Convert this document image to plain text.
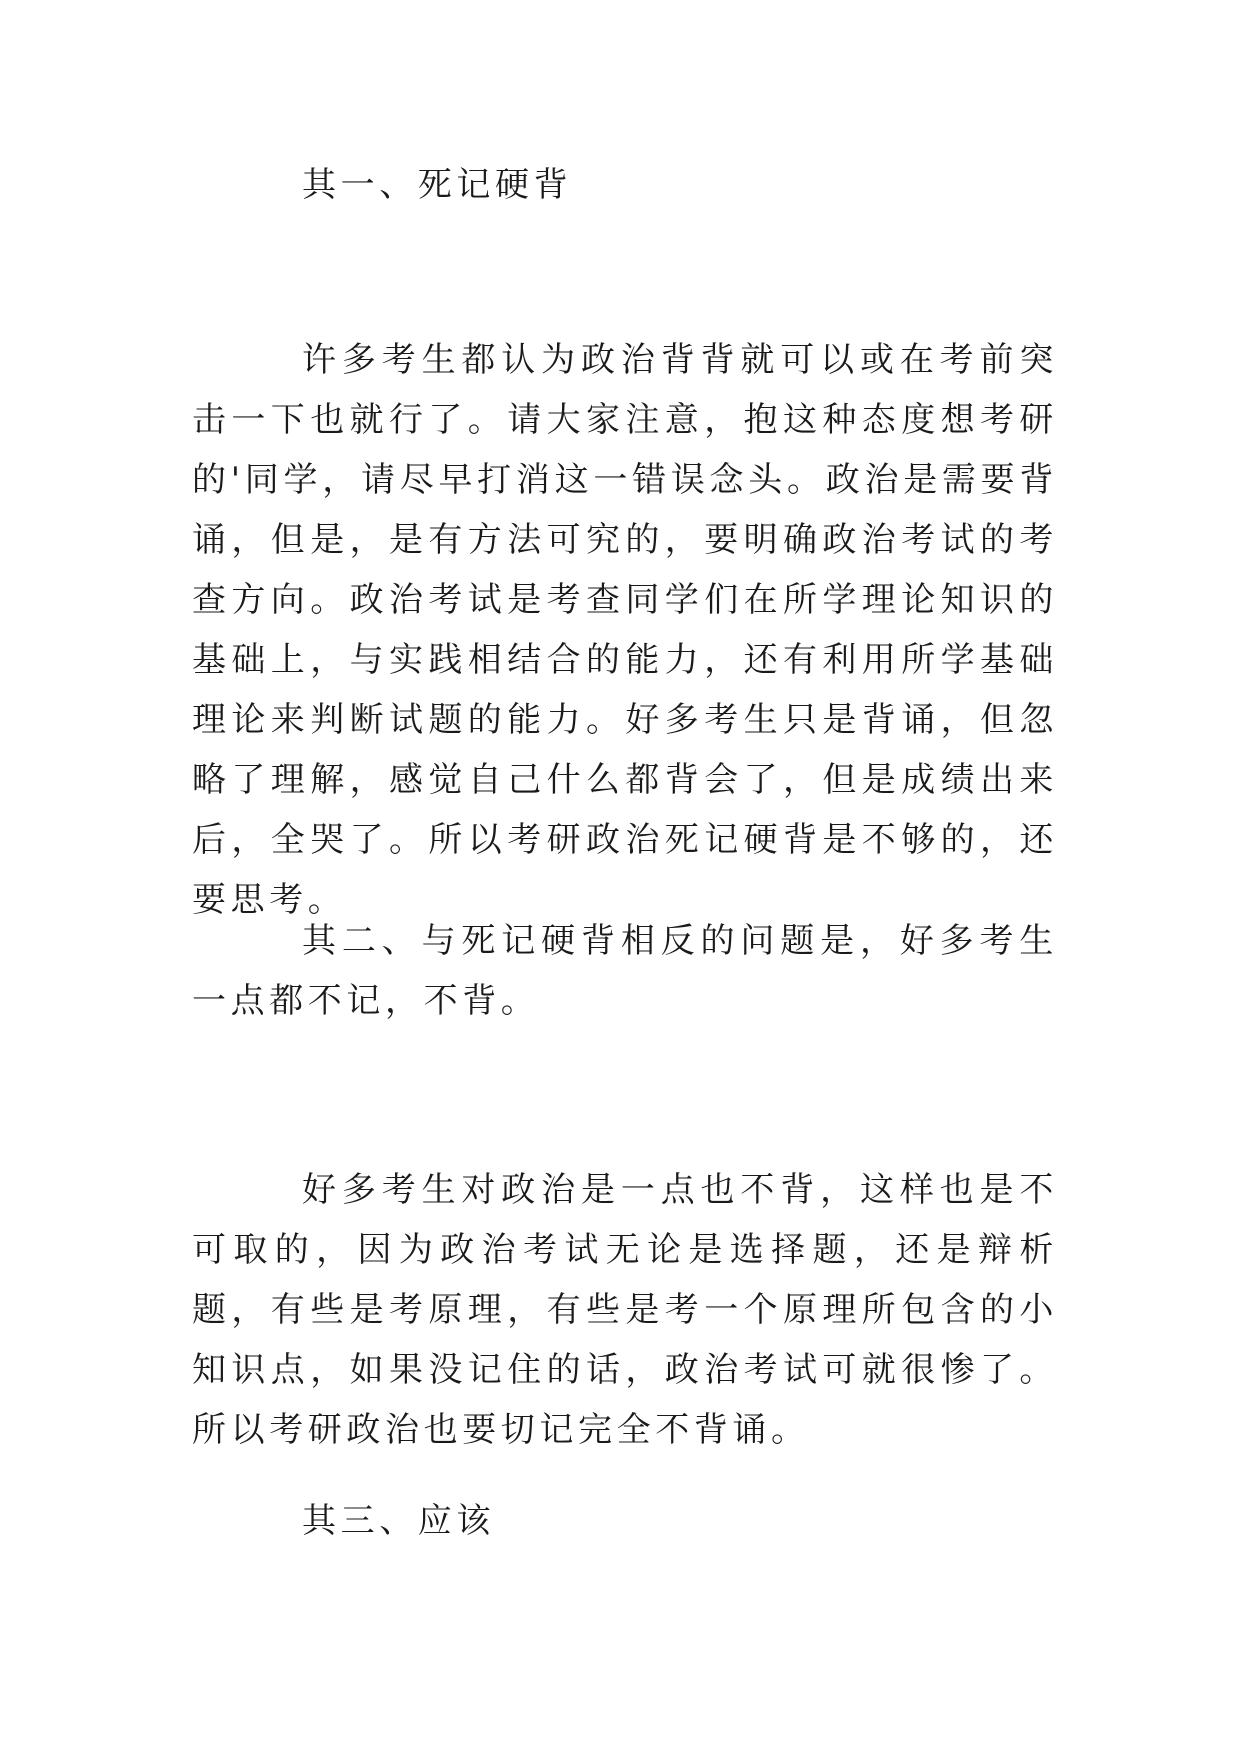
其一、死记硬背

许多考生都认为政治背背就可以或在考前突击一下也就行了。请大家注意，抱这种态度想考研的'同学，请尽早打消这一错误念头。政治是需要背诵，但是，是有方法可究的，要明确政治考试的考查方向。政治考试是考查同学们在所学理论知识的基础上，与实践相结合的能力，还有利用所学基础理论来判断试题的能力。好多考生只是背诵，但忽略了理解，感觉自己什么都背会了，但是成绩出来后，全哭了。所以考研政治死记硬背是不够的，还要思考。

其二、与死记硬背相反的问题是，好多考生一点都不记，不背。

好多考生对政治是一点也不背，这样也是不可取的，因为政治考试无论是选择题，还是辩析题，有些是考原理，有些是考一个原理所包含的小知识点，如果没记住的话，政治考试可就很惨了。所以考研政治也要切记完全不背诵。

其三、应该
